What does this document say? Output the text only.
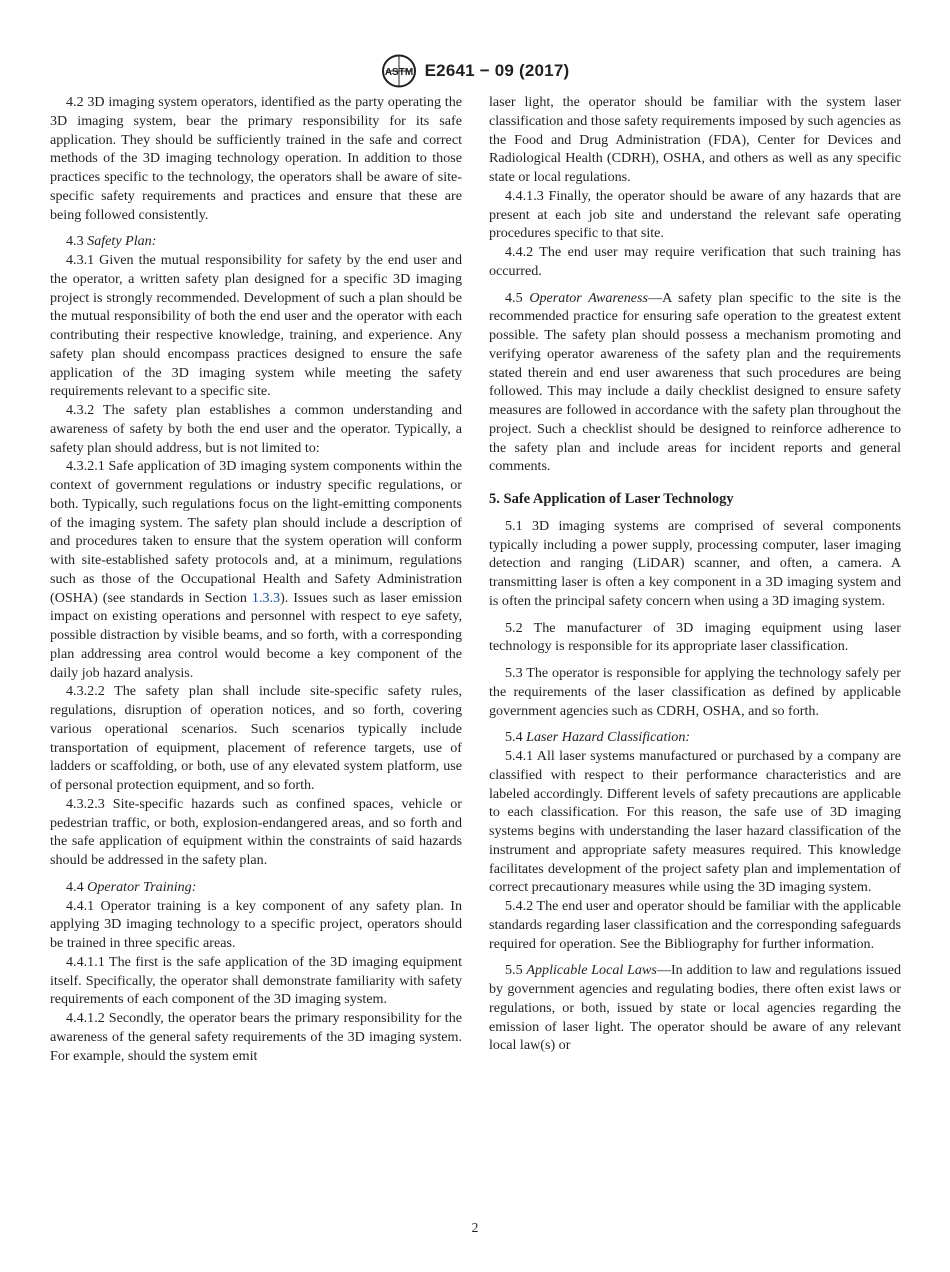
ASTM E2641 − 09 (2017)

4.2 3D imaging system operators, identified as the party operating the 3D imaging system, bear the primary responsibility for its safe application. They should be sufficiently trained in the safe and correct methods of the 3D imaging technology operation. In addition to those practices specific to the technology, the operators shall be aware of site-specific safety requirements and practices and ensure that these are being followed consistently.

4.3 Safety Plan:

4.3.1 Given the mutual responsibility for safety by the end user and the operator, a written safety plan designed for a specific 3D imaging project is strongly recommended. Development of such a plan should be the mutual responsibility of both the end user and the operator with each contributing their respective knowledge, training, and experience. Any safety plan should encompass practices designed to ensure the safe application of the 3D imaging system while meeting the safety requirements relevant to a specific site.

4.3.2 The safety plan establishes a common understanding and awareness of safety by both the end user and the operator. Typically, a safety plan should address, but is not limited to:

4.3.2.1 Safe application of 3D imaging system components within the context of government regulations or industry specific regulations, or both. Typically, such regulations focus on the light-emitting components of the imaging system. The safety plan should include a description of and procedures taken to ensure that the system operation will conform with site-established safety protocols and, at a minimum, regulations such as those of the Occupational Health and Safety Administration (OSHA) (see standards in Section 1.3.3). Issues such as laser emission impact on existing operations and personnel with respect to eye safety, possible distraction by visible beams, and so forth, with a corresponding plan addressing area control would become a key component of the daily job hazard analysis.

4.3.2.2 The safety plan shall include site-specific safety rules, regulations, disruption of operation notices, and so forth, covering various operational scenarios. Such scenarios typically include transportation of equipment, placement of reference targets, use of ladders or scaffolding, or both, use of any elevated system platform, use of personal protection equipment, and so forth.

4.3.2.3 Site-specific hazards such as confined spaces, vehicle or pedestrian traffic, or both, explosion-endangered areas, and so forth and the safe application of equipment within the constraints of said hazards should be addressed in the safety plan.

4.4 Operator Training:

4.4.1 Operator training is a key component of any safety plan. In applying 3D imaging technology to a specific project, operators should be trained in three specific areas.

4.4.1.1 The first is the safe application of the 3D imaging equipment itself. Specifically, the operator shall demonstrate familiarity with safety requirements of each component of the 3D imaging system.

4.4.1.2 Secondly, the operator bears the primary responsibility for the awareness of the general safety requirements of the 3D imaging system. For example, should the system emit

laser light, the operator should be familiar with the system laser classification and those safety requirements imposed by such agencies as the Food and Drug Administration (FDA), Center for Devices and Radiological Health (CDRH), OSHA, and others as well as any specific state or local regulations.

4.4.1.3 Finally, the operator should be aware of any hazards that are present at each job site and understand the relevant safe operating procedures specific to that site.

4.4.2 The end user may require verification that such training has occurred.

4.5 Operator Awareness—A safety plan specific to the site is the recommended practice for ensuring safe operation to the greatest extent possible. The safety plan should possess a mechanism promoting and verifying operator awareness of the safety plan and the requirements stated therein and end user awareness that such procedures are being followed. This may include a daily checklist designed to ensure safety measures are followed in accordance with the safety plan throughout the project. Such a checklist should be designed to reinforce adherence to the safety plan and include areas for incident reports and general comments.

5. Safe Application of Laser Technology

5.1 3D imaging systems are comprised of several components typically including a power supply, processing computer, laser imaging detection and ranging (LiDAR) scanner, and often, a camera. A transmitting laser is often a key component in a 3D imaging system and is often the principal safety concern when using a 3D imaging system.

5.2 The manufacturer of 3D imaging equipment using laser technology is responsible for its appropriate laser classification.

5.3 The operator is responsible for applying the technology safely per the requirements of the laser classification as defined by applicable government agencies such as CDRH, OSHA, and so forth.

5.4 Laser Hazard Classification:

5.4.1 All laser systems manufactured or purchased by a company are classified with respect to their performance characteristics and are labeled accordingly. Different levels of safety precautions are applicable to each classification. For this reason, the safe use of 3D imaging systems begins with understanding the laser hazard classification of the instrument and appropriate safety measures required. This knowledge facilitates development of the project safety plan and implementation of correct precautionary measures while using the 3D imaging system.

5.4.2 The end user and operator should be familiar with the applicable standards regarding laser classification and the corresponding safeguards required for operation. See the Bibliography for further information.

5.5 Applicable Local Laws—In addition to law and regulations issued by government agencies and regulating bodies, there often exist laws or regulations, or both, issued by state or local agencies regarding the emission of laser light. The operator should be aware of any relevant local law(s) or

2
